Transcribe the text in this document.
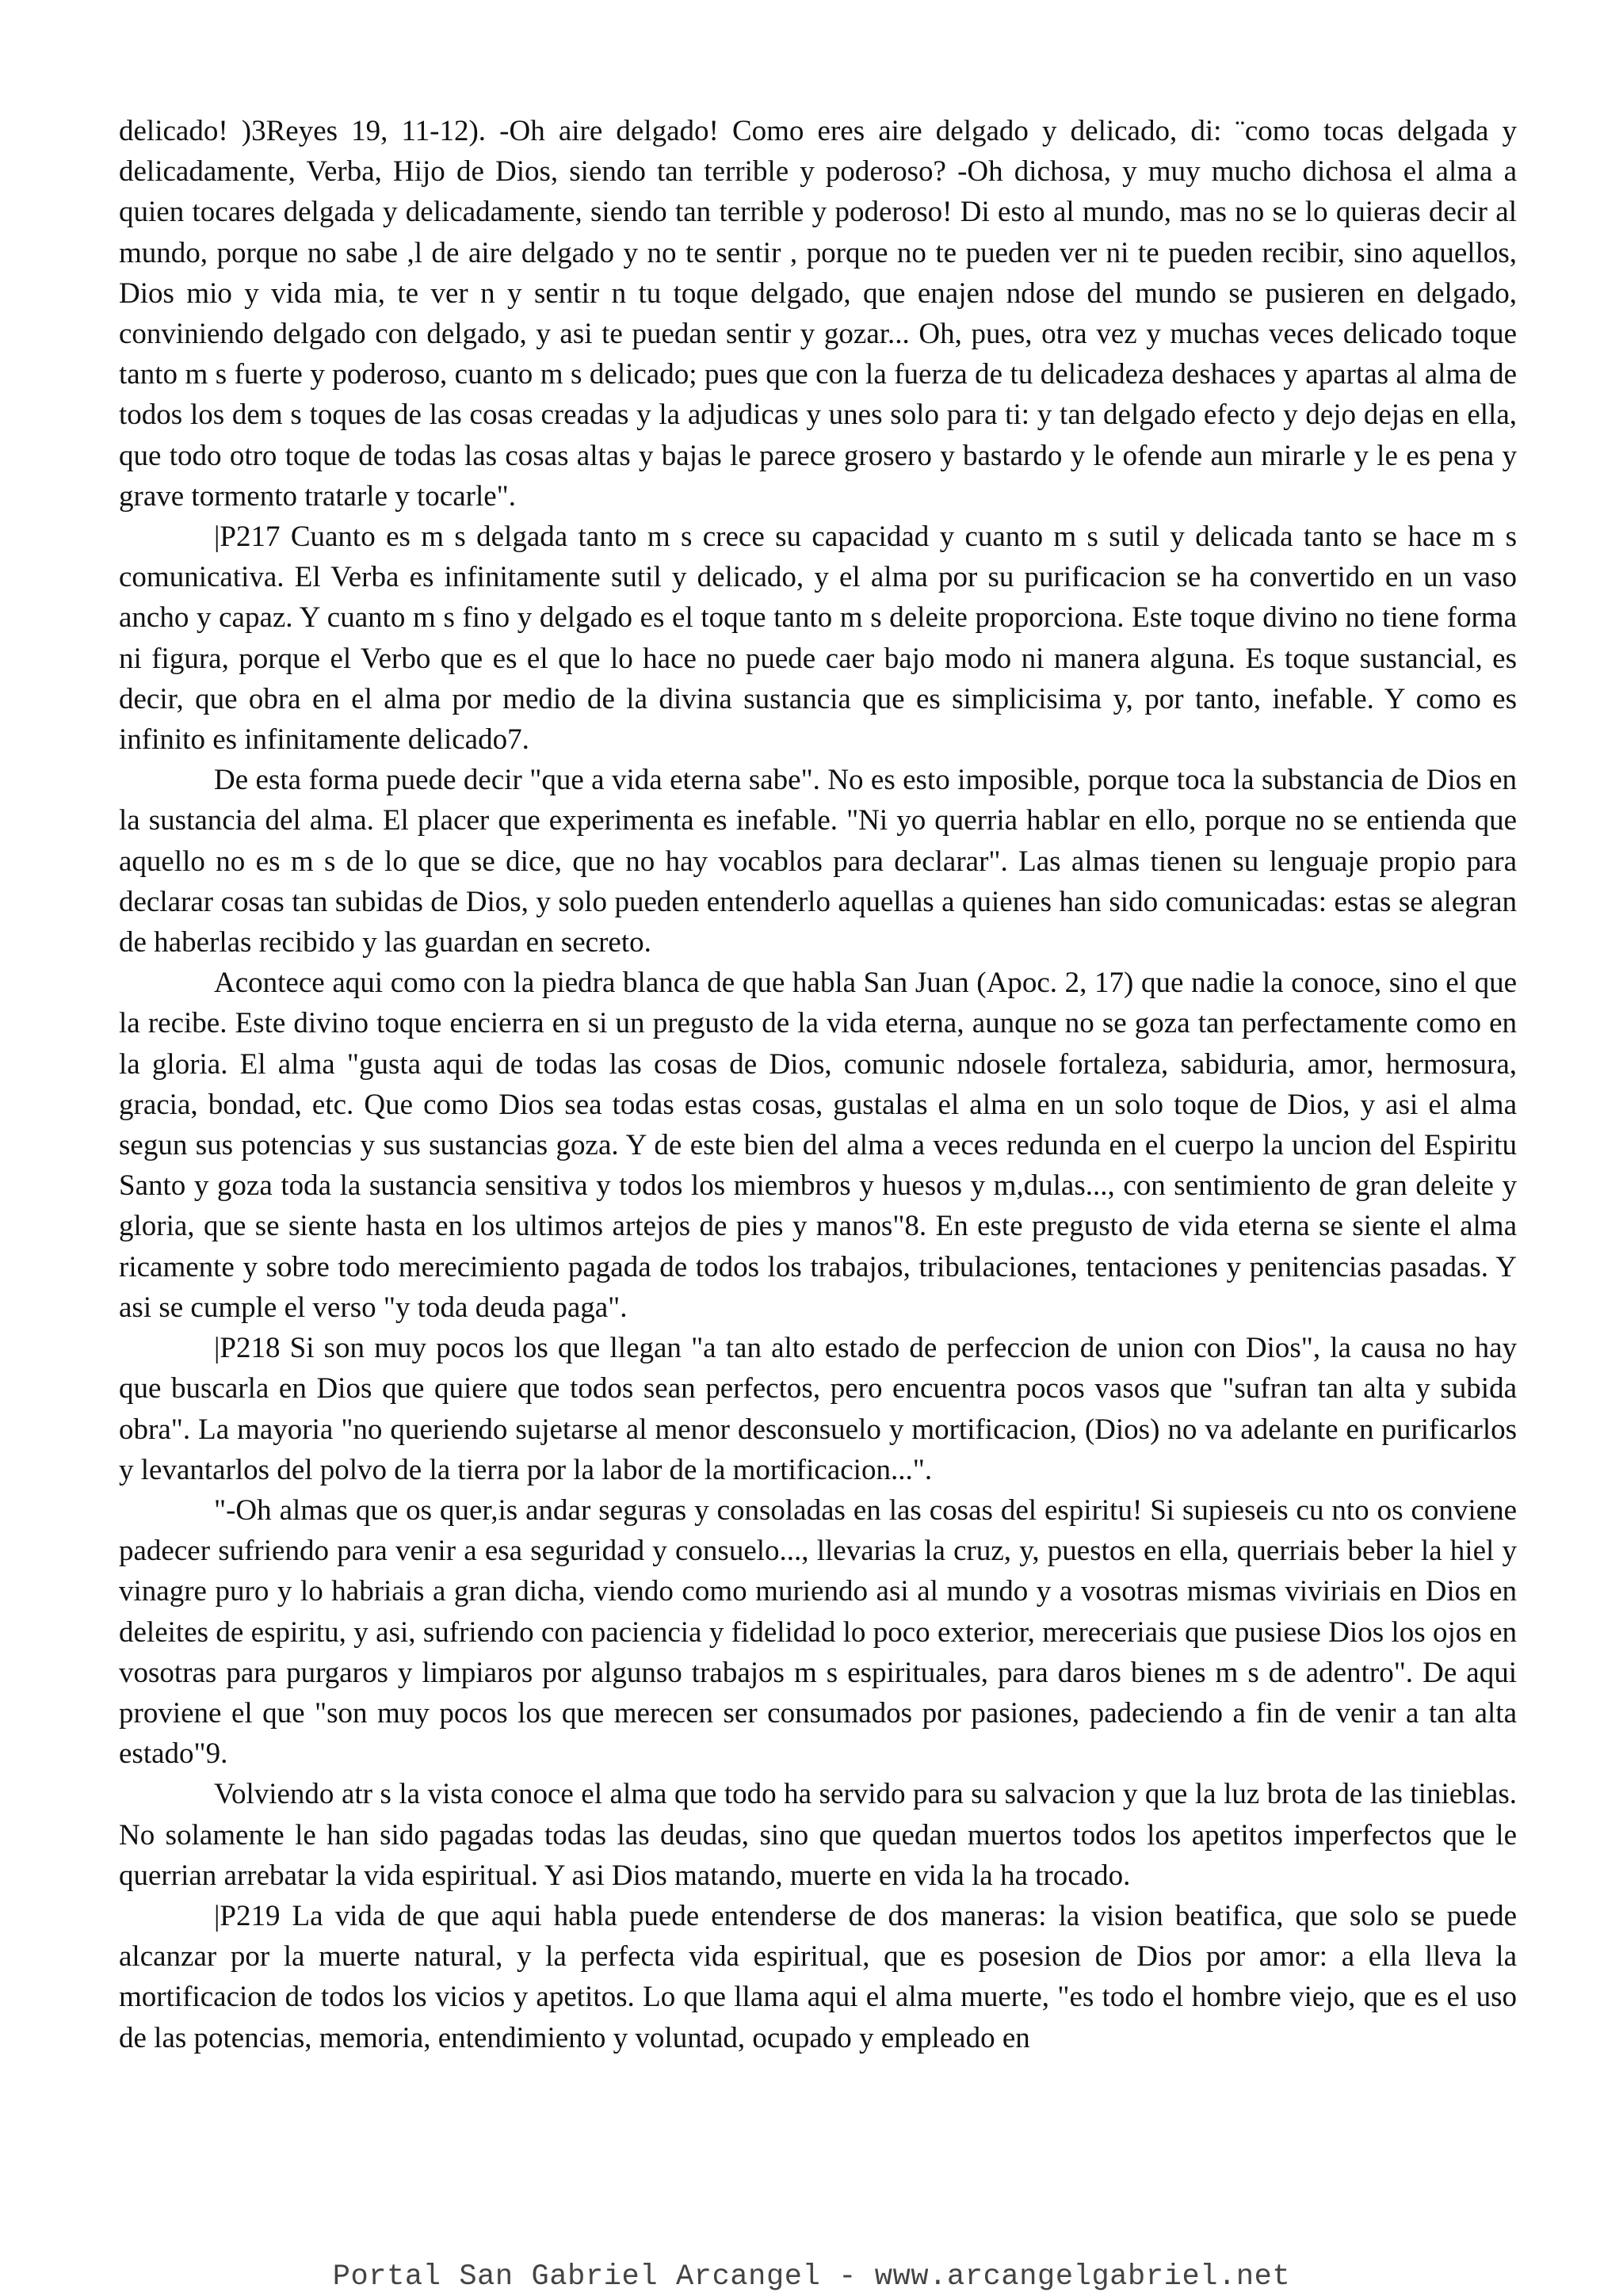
delicado! )3Reyes 19, 11-12). -Oh aire delgado! Como eres aire delgado y delicado, di: ¨como tocas delgada y delicadamente, Verba, Hijo de Dios, siendo tan terrible y poderoso? -Oh dichosa, y muy mucho dichosa el alma a quien tocares delgada y delicadamente, siendo tan terrible y poderoso! Di esto al mundo, mas no se lo quieras decir al mundo, porque no sabe ,l de aire delgado y no te sentir , porque no te pueden ver ni te pueden recibir, sino aquellos, Dios mio y vida mia, te ver n y sentir n tu toque delgado, que enajen ndose del mundo se pusieren en delgado, conviniendo delgado con delgado, y asi te puedan sentir y gozar... Oh, pues, otra vez y muchas veces delicado toque tanto m s fuerte y poderoso, cuanto m s delicado; pues que con la fuerza de tu delicadeza deshaces y apartas al alma de todos los dem s toques de las cosas creadas y la adjudicas y unes solo para ti: y tan delgado efecto y dejo dejas en ella, que todo otro toque de todas las cosas altas y bajas le parece grosero y bastardo y le ofende aun mirarle y le es pena y grave tormento tratarle y tocarle".

|P217 Cuanto es m s delgada tanto m s crece su capacidad y cuanto m s sutil y delicada tanto se hace m s comunicativa. El Verba es infinitamente sutil y delicado, y el alma por su purificacion se ha convertido en un vaso ancho y capaz. Y cuanto m s fino y delgado es el toque tanto m s deleite proporciona. Este toque divino no tiene forma ni figura, porque el Verbo que es el que lo hace no puede caer bajo modo ni manera alguna. Es toque sustancial, es decir, que obra en el alma por medio de la divina sustancia que es simplicisima y, por tanto, inefable. Y como es infinito es infinitamente delicado7.

De esta forma puede decir "que a vida eterna sabe". No es esto imposible, porque toca la substancia de Dios en la sustancia del alma. El placer que experimenta es inefable. "Ni yo querria hablar en ello, porque no se entienda que aquello no es m s de lo que se dice, que no hay vocablos para declarar". Las almas tienen su lenguaje propio para declarar cosas tan subidas de Dios, y solo pueden entenderlo aquellas a quienes han sido comunicadas: estas se alegran de haberlas recibido y las guardan en secreto.

Acontece aqui como con la piedra blanca de que habla San Juan (Apoc. 2, 17) que nadie la conoce, sino el que la recibe. Este divino toque encierra en si un pregusto de la vida eterna, aunque no se goza tan perfectamente como en la gloria. El alma "gusta aqui de todas las cosas de Dios, comunic ndosele fortaleza, sabiduria, amor, hermosura, gracia, bondad, etc. Que como Dios sea todas estas cosas, gustalas el alma en un solo toque de Dios, y asi el alma segun sus potencias y sus sustancias goza. Y de este bien del alma a veces redunda en el cuerpo la uncion del Espiritu Santo y goza toda la sustancia sensitiva y todos los miembros y huesos y m,dulas..., con sentimiento de gran deleite y gloria, que se siente hasta en los ultimos artejos de pies y manos"8. En este pregusto de vida eterna se siente el alma ricamente y sobre todo merecimiento pagada de todos los trabajos, tribulaciones, tentaciones y penitencias pasadas. Y asi se cumple el verso "y toda deuda paga".

|P218 Si son muy pocos los que llegan "a tan alto estado de perfeccion de union con Dios", la causa no hay que buscarla en Dios que quiere que todos sean perfectos, pero encuentra pocos vasos que "sufran tan alta y subida obra". La mayoria "no queriendo sujetarse al menor desconsuelo y mortificacion, (Dios) no va adelante en purificarlos y levantarlos del polvo de la tierra por la labor de la mortificacion...".

"-Oh almas que os quer,is andar seguras y consoladas en las cosas del espiritu! Si supieseis cu nto os conviene padecer sufriendo para venir a esa seguridad y consuelo..., llevarias la cruz, y, puestos en ella, querriais beber la hiel y vinagre puro y lo habriais a gran dicha, viendo como muriendo asi al mundo y a vosotras mismas viviriais en Dios en deleites de espiritu, y asi, sufriendo con paciencia y fidelidad lo poco exterior, mereceriais que pusiese Dios los ojos en vosotras para purgaros y limpiaros por algunso trabajos m s espirituales, para daros bienes m s de adentro". De aqui proviene el que "son muy pocos los que merecen ser consumados por pasiones, padeciendo a fin de venir a tan alta estado"9.

Volviendo atr s la vista conoce el alma que todo ha servido para su salvacion y que la luz brota de las tinieblas. No solamente le han sido pagadas todas las deudas, sino que quedan muertos todos los apetitos imperfectos que le querrian arrebatar la vida espiritual. Y asi Dios matando, muerte en vida la ha trocado.

|P219 La vida de que aqui habla puede entenderse de dos maneras: la vision beatifica, que solo se puede alcanzar por la muerte natural, y la perfecta vida espiritual, que es posesion de Dios por amor: a ella lleva la mortificacion de todos los vicios y apetitos. Lo que llama aqui el alma muerte, "es todo el hombre viejo, que es el uso de las potencias, memoria, entendimiento y voluntad, ocupado y empleado en

Portal San Gabriel Arcangel - www.arcangelgabriel.net
